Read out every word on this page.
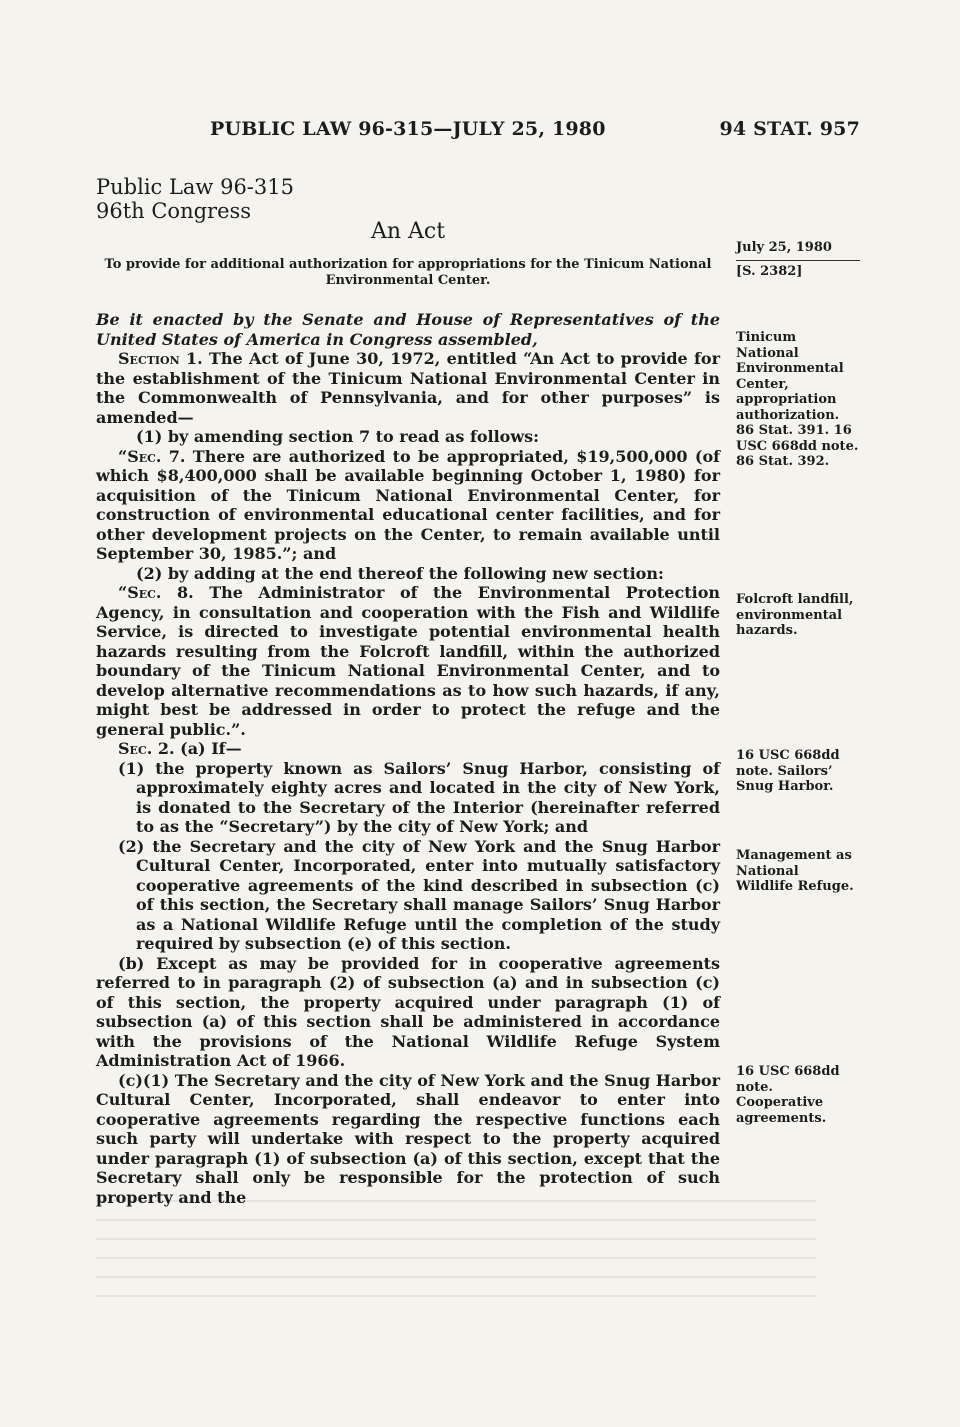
PUBLIC LAW 96-315—JULY 25, 1980	94 STAT. 957
Public Law 96-315
96th Congress
An Act
To provide for additional authorization for appropriations for the Tinicum National Environmental Center.
July 25, 1980
[S. 2382]

Be it enacted by the Senate and House of Representatives of the United States of America in Congress assembled,

Section 1. The Act of June 30, 1972, entitled “An Act to provide for the establishment of the Tinicum National Environmental Center in the Commonwealth of Pennsylvania, and for other purposes” is amended—

(1) by amending section 7 to read as follows:

“Sec. 7. There are authorized to be appropriated, $19,500,000 (of which $8,400,000 shall be available beginning October 1, 1980) for acquisition of the Tinicum National Environmental Center, for construction of environmental educational center facilities, and for other development projects on the Center, to remain available until September 30, 1985.”; and

(2) by adding at the end thereof the following new section:

“Sec. 8. The Administrator of the Environmental Protection Agency, in consultation and cooperation with the Fish and Wildlife Service, is directed to investigate potential environmental health hazards resulting from the Folcroft landfill, within the authorized boundary of the Tinicum National Environmental Center, and to develop alternative recommendations as to how such hazards, if any, might best be addressed in order to protect the refuge and the general public.”.

Sec. 2. (a) If—

(1) the property known as Sailors’ Snug Harbor, consisting of approximately eighty acres and located in the city of New York, is donated to the Secretary of the Interior (hereinafter referred to as the “Secretary”) by the city of New York; and

(2) the Secretary and the city of New York and the Snug Harbor Cultural Center, Incorporated, enter into mutually satisfactory cooperative agreements of the kind described in subsection (c) of this section, the Secretary shall manage Sailors’ Snug Harbor as a National Wildlife Refuge until the completion of the study required by subsection (e) of this section.

(b) Except as may be provided for in cooperative agreements referred to in paragraph (2) of subsection (a) and in subsection (c) of this section, the property acquired under paragraph (1) of subsection (a) of this section shall be administered in accordance with the provisions of the National Wildlife Refuge System Administration Act of 1966.

(c)(1) The Secretary and the city of New York and the Snug Harbor Cultural Center, Incorporated, shall endeavor to enter into cooperative agreements regarding the respective functions each such party will undertake with respect to the property acquired under paragraph (1) of subsection (a) of this section, except that the Secretary shall only be responsible for the protection of such property and the

Tinicum National Environmental Center, appropriation authorization. 86 Stat. 391. 16 USC 668dd note. 86 Stat. 392.
Folcroft landfill, environmental hazards.
16 USC 668dd note. Sailors’ Snug Harbor.
Management as National Wildlife Refuge.
16 USC 668dd note. Cooperative agreements.
